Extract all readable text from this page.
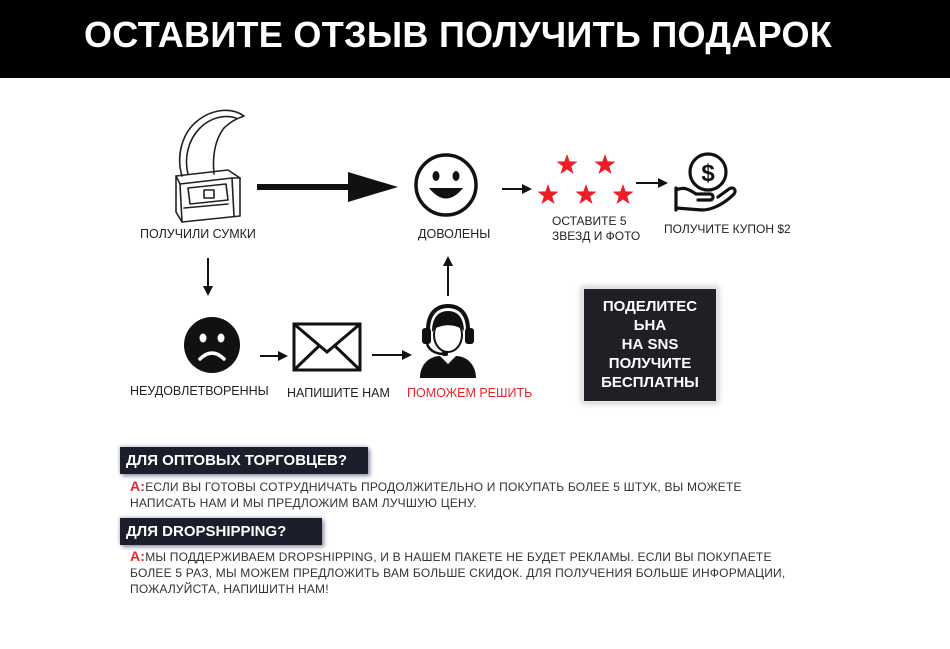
ОСТАВИТЕ ОТЗЫВ ПОЛУЧИТЬ ПОДАРОК
ПОЛУЧИЛИ СУМКИ	ДОВОЛЕНЫ
ОСТАВИТЕ 5
ЗВЕЗД И ФОТО
$
ПОЛУЧИТЕ КУПОН $2
НЕУДОВЛЕТВОРЕННЫ НАПИШИТЕ НАМ ПОМОЖЕМ РЕШИТЬ
ПОДЕЛИТЕС
ЬНА
НА SNS
ПОЛУЧИТЕ
БЕСПЛАТНЫ
ДЛЯ ОПТОВЫХ ТОРГОВЦЕВ?
A:ЕСЛИ ВЫ ГОТОВЫ СОТРУДНИЧАТЬ ПРОДОЛЖИТЕЛЬНО И ПОКУПАТЬ БОЛЕЕ 5 ШТУК, ВЫ МОЖЕТЕ
НАПИСАТЬ НАМ И МЫ ПРЕДЛОЖИМ ВАМ ЛУЧШУЮ ЦЕНУ.
ДЛЯ DROPSHIPPING?
A:МЫ ПОДДЕРЖИВАЕМ DROPSHIPPING, И В НАШЕМ ПАКЕТЕ НЕ БУДЕТ РЕКЛАМЫ. ЕСЛИ ВЫ ПОКУПАЕТЕ
БОЛЕЕ 5 РАЗ, МЫ МОЖЕМ ПРЕДЛОЖИТЬ ВАМ БОЛЬШЕ СКИДОК. ДЛЯ ПОЛУЧЕНИЯ БОЛЬШЕ ИНФОРМАЦИИ,
ПОЖАЛУЙСТА, НАПИШИТН НАМ!
